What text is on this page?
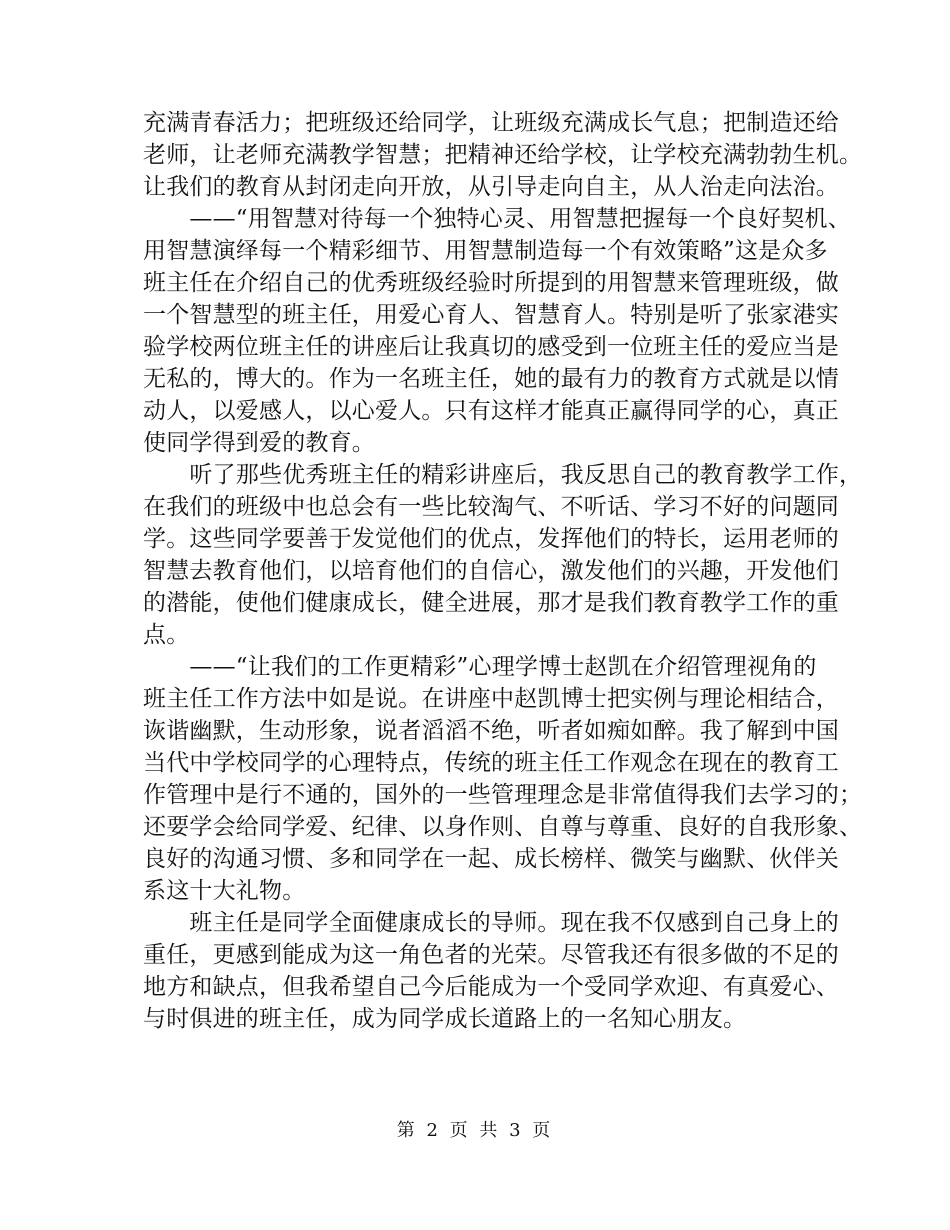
充满青春活力；把班级还给同学，让班级充满成长气息；把制造还给
老师，让老师充满教学智慧；把精神还给学校，让学校充满勃勃生机。
让我们的教育从封闭走向开放，从引导走向自主，从人治走向法治。

　　——“用智慧对待每一个独特心灵、用智慧把握每一个良好契机、
用智慧演绎每一个精彩细节、用智慧制造每一个有效策略”这是众多
班主任在介绍自己的优秀班级经验时所提到的用智慧来管理班级，做
一个智慧型的班主任，用爱心育人、智慧育人。特别是听了张家港实
验学校两位班主任的讲座后让我真切的感受到一位班主任的爱应当是
无私的，博大的。作为一名班主任，她的最有力的教育方式就是以情
动人，以爱感人，以心爱人。只有这样才能真正赢得同学的心，真正
使同学得到爱的教育。

　　听了那些优秀班主任的精彩讲座后，我反思自己的教育教学工作，
在我们的班级中也总会有一些比较淘气、不听话、学习不好的问题同
学。这些同学要善于发觉他们的优点，发挥他们的特长，运用老师的
智慧去教育他们，以培育他们的自信心，激发他们的兴趣，开发他们
的潜能，使他们健康成长，健全进展，那才是我们教育教学工作的重
点。

　　——“让我们的工作更精彩”心理学博士赵凯在介绍管理视角的
班主任工作方法中如是说。在讲座中赵凯博士把实例与理论相结合，
诙谐幽默，生动形象，说者滔滔不绝，听者如痴如醉。我了解到中国
当代中学校同学的心理特点，传统的班主任工作观念在现在的教育工
作管理中是行不通的，国外的一些管理理念是非常值得我们去学习的；
还要学会给同学爱、纪律、以身作则、自尊与尊重、良好的自我形象、
良好的沟通习惯、多和同学在一起、成长榜样、微笑与幽默、伙伴关
系这十大礼物。

　　班主任是同学全面健康成长的导师。现在我不仅感到自己身上的
重任，更感到能成为这一角色者的光荣。尽管我还有很多做的不足的
地方和缺点，但我希望自己今后能成为一个受同学欢迎、有真爱心、
与时俱进的班主任，成为同学成长道路上的一名知心朋友。

第 2 页 共 3 页
